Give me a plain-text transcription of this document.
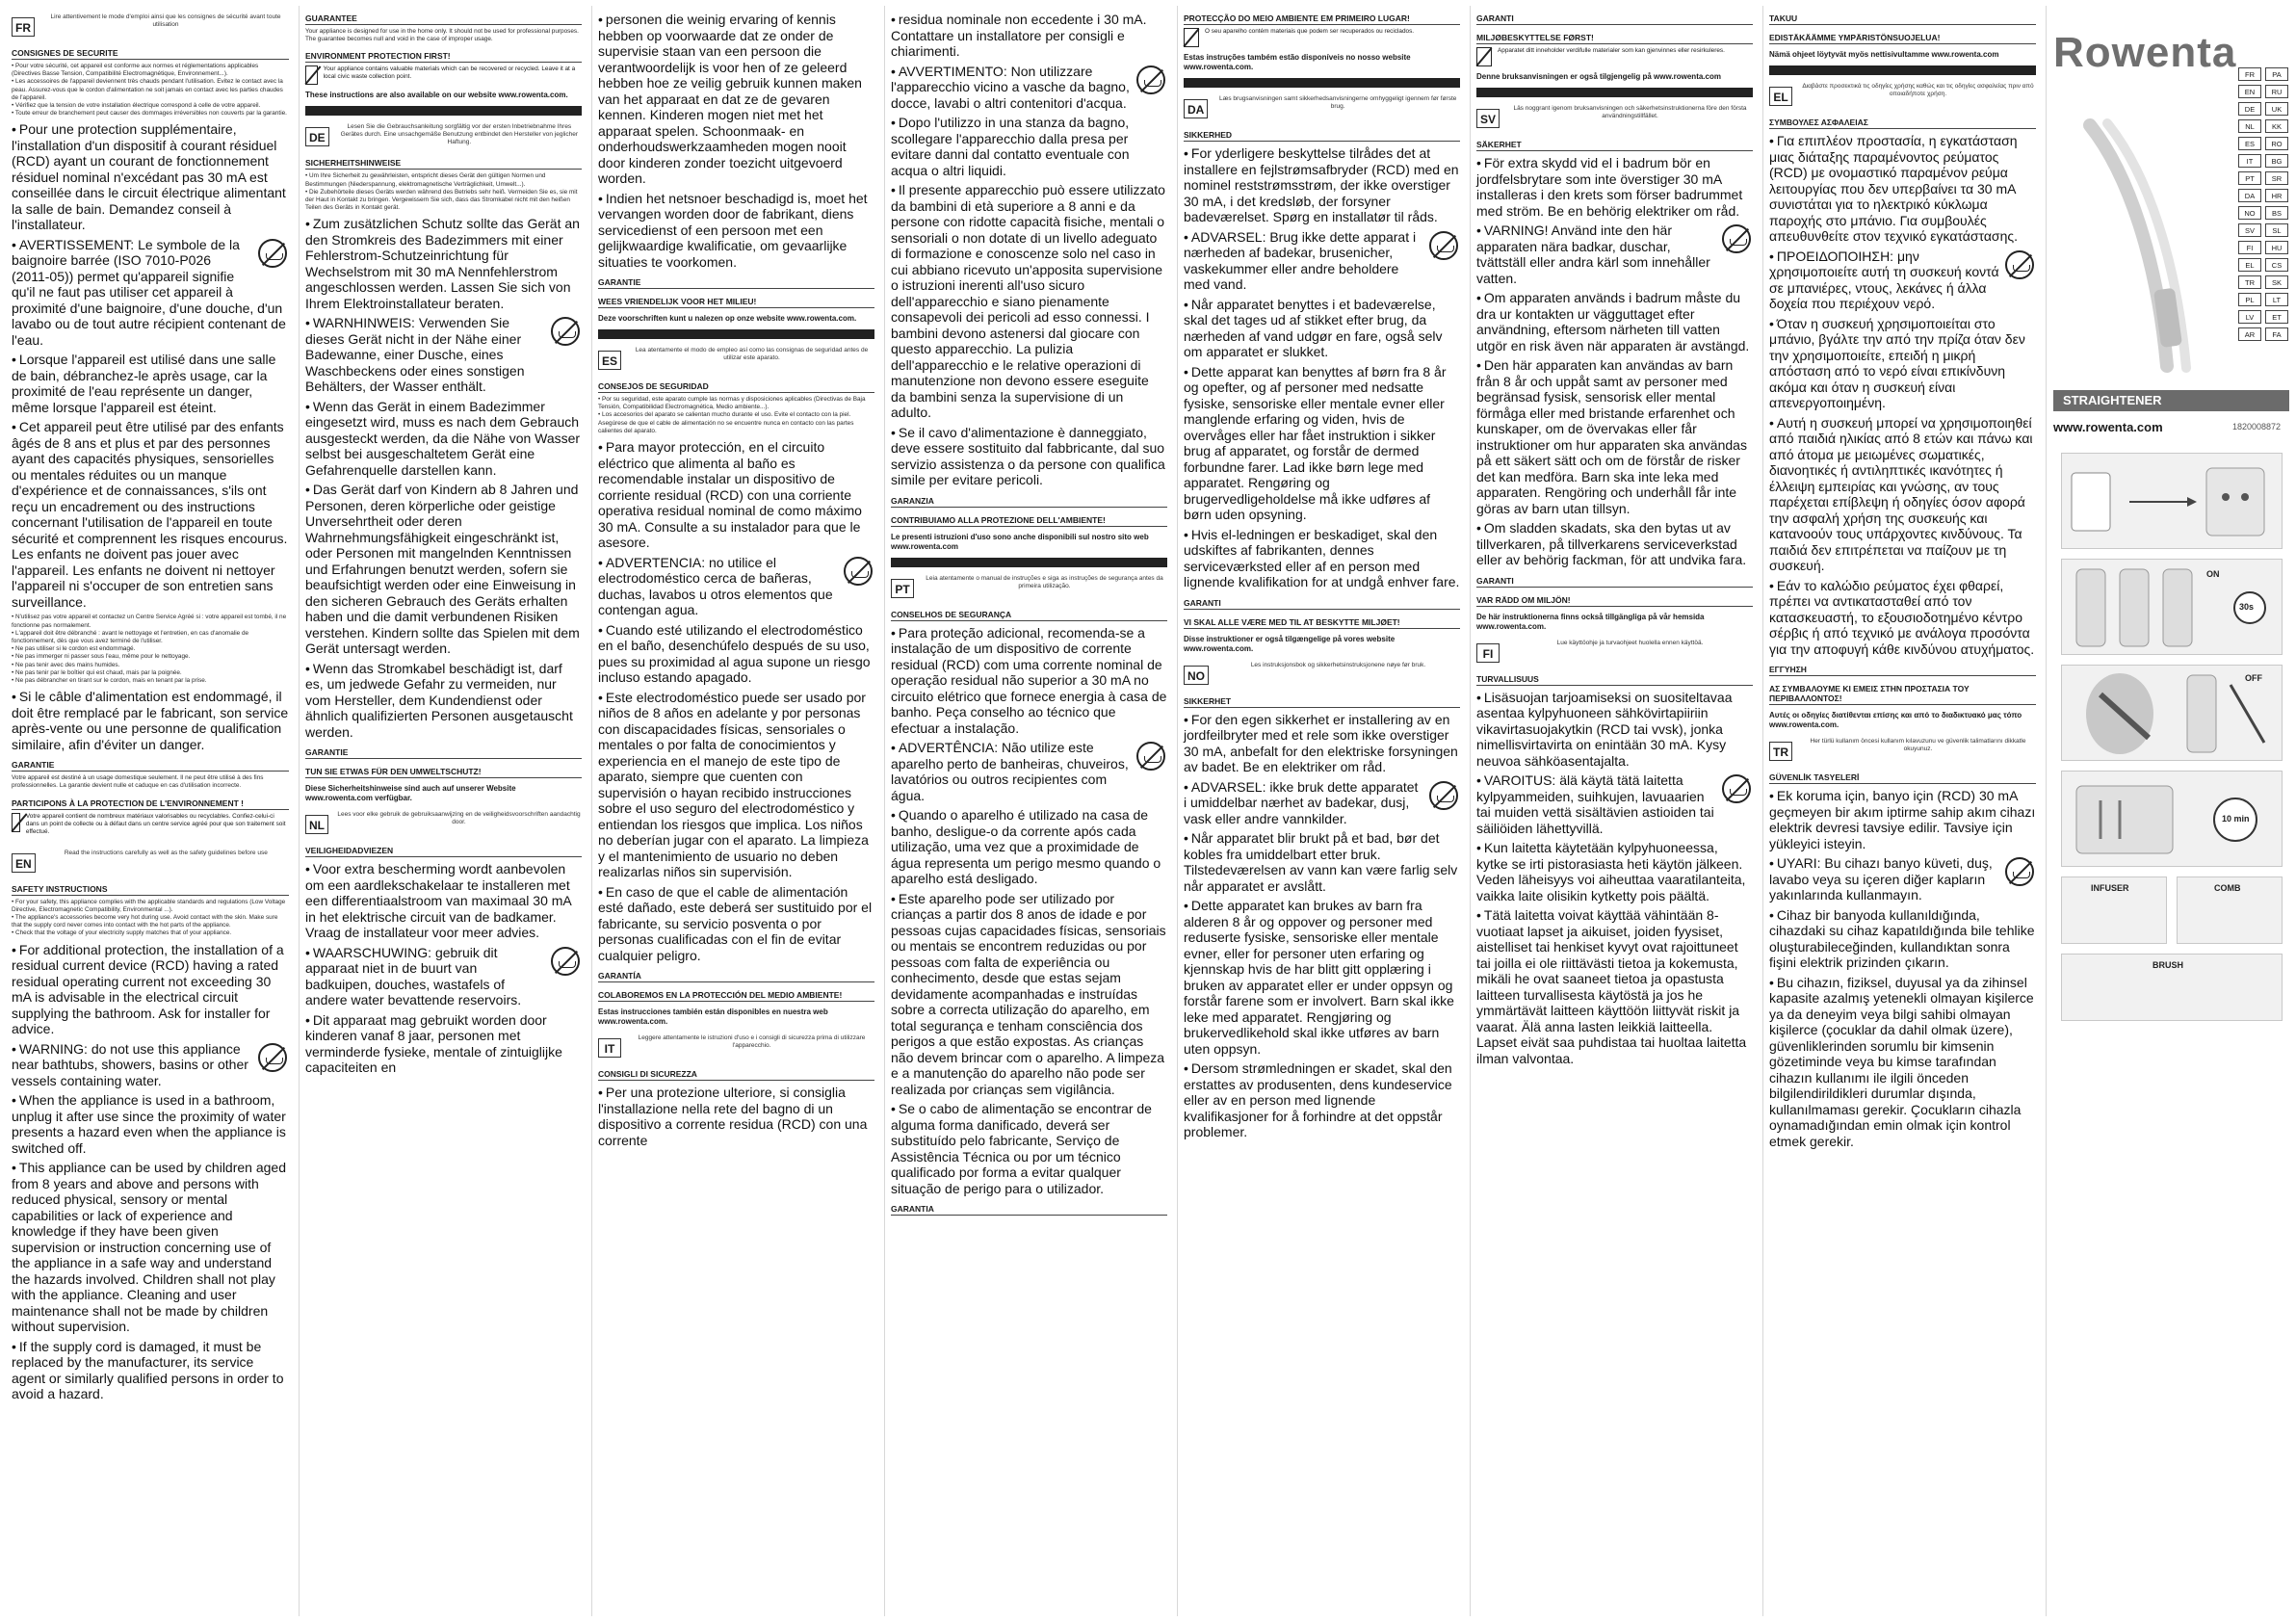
FR

Lire attentivement le mode d'emploi ainsi que les consignes de sécurité avant toute utilisation

CONSIGNES DE SECURITE

• Pour votre sécurité, cet appareil est conforme aux normes et réglementations applicables (Directives Basse Tension, Compatibilité Electromagnétique, Environnement...).
• Les accessoires de l'appareil deviennent très chauds pendant l'utilisation. Evitez le contact avec la peau. Assurez-vous que le cordon d'alimentation ne soit jamais en contact avec les parties chaudes de l'appareil.
• Vérifiez que la tension de votre installation électrique correspond à celle de votre appareil.
• Toute erreur de branchement peut causer des dommages irréversibles non couverts par la garantie.

• Pour une protection supplémentaire, l'installation d'un dispositif à courant résiduel (RCD) ayant un courant de fonctionnement résiduel nominal n'excédant pas 30 mA est conseillée dans le circuit électrique alimentant la salle de bain. Demandez conseil à l'installateur.

• AVERTISSEMENT: Le symbole de la baignoire barrée (ISO 7010-P026 (2011-05)) permet qu'appareil signifie qu'il ne faut pas utiliser cet appareil à proximité d'une baignoire, d'une douche, d'un lavabo ou de tout autre récipient contenant de l'eau.

• Lorsque l'appareil est utilisé dans une salle de bain, débranchez-le après usage, car la proximité de l'eau représente un danger, même lorsque l'appareil est éteint.

• Cet appareil peut être utilisé par des enfants âgés de 8 ans et plus et par des personnes ayant des capacités physiques, sensorielles ou mentales réduites ou un manque d'expérience et de connaissances, s'ils ont reçu un encadrement ou des instructions concernant l'utilisation de l'appareil en toute sécurité et comprennent les risques encourus. Les enfants ne doivent pas jouer avec l'appareil. Les enfants ne doivent ni nettoyer l'appareil ni s'occuper de son entretien sans surveillance.

• N'utilisez pas votre appareil et contactez un Centre Service Agréé si : votre appareil est tombé, il ne fonctionne pas normalement.
• L'appareil doit être débranché : avant le nettoyage et l'entretien, en cas d'anomalie de fonctionnement, dès que vous avez terminé de l'utiliser.
• Ne pas utiliser si le cordon est endommagé.
• Ne pas immerger ni passer sous l'eau, même pour le nettoyage.
• Ne pas tenir avec des mains humides.
• Ne pas tenir par le boîtier qui est chaud, mais par la poignée.
• Ne pas débrancher en tirant sur le cordon, mais en tenant par la prise.

• Si le câble d'alimentation est endommagé, il doit être remplacé par le fabricant, son service après-vente ou une personne de qualification similaire, afin d'éviter un danger.

GARANTIE

Votre appareil est destiné à un usage domestique seulement. Il ne peut être utilisé à des fins professionnelles. La garantie devient nulle et caduque en cas d'utilisation incorrecte.

PARTICIPONS À LA PROTECTION DE L'ENVIRONNEMENT !
Votre appareil contient de nombreux matériaux valorisables ou recyclables. Confiez-celui-ci dans un point de collecte ou à défaut dans un centre service agréé pour que son traitement soit effectué.
EN

Read the instructions carefully as well as the safety guidelines before use

SAFETY INSTRUCTIONS

• For your safety, this appliance complies with the applicable standards and regulations (Low Voltage Directive, Electromagnetic Compatibility, Environmental ...).
• The appliance's accessories become very hot during use. Avoid contact with the skin. Make sure that the supply cord never comes into contact with the hot parts of the appliance.
• Check that the voltage of your electricity supply matches that of your appliance.

• For additional protection, the installation of a residual current device (RCD) having a rated residual operating current not exceeding 30 mA is advisable in the electrical circuit supplying the bathroom. Ask for installer for advice.

• WARNING: do not use this appliance near bathtubs, showers, basins or other vessels containing water.

• When the appliance is used in a bathroom, unplug it after use since the proximity of water presents a hazard even when the appliance is switched off.

• This appliance can be used by children aged from 8 years and above and persons with reduced physical, sensory or mental capabilities or lack of experience and knowledge if they have been given supervision or instruction concerning use of the appliance in a safe way and understand the hazards involved. Children shall not play with the appliance. Cleaning and user maintenance shall not be made by children without supervision.

• If the supply cord is damaged, it must be replaced by the manufacturer, its service agent or similarly qualified persons in order to avoid a hazard.

GUARANTEE

Your appliance is designed for use in the home only. It should not be used for professional purposes. The guarantee becomes null and void in the case of improper usage.

ENVIRONMENT PROTECTION FIRST!
Your appliance contains valuable materials which can be recovered or recycled. Leave it at a local civic waste collection point.

These instructions are also available on our website www.rowenta.com.

DE

Lesen Sie die Gebrauchsanleitung sorgfältig vor der ersten Inbetriebnahme Ihres Gerätes durch. Eine unsachgemäße Benutzung entbindet den Hersteller von jeglicher Haftung.

SICHERHEITSHINWEISE

• Um Ihre Sicherheit zu gewährleisten, entspricht dieses Gerät den gültigen Normen und Bestimmungen (Niederspannung, elektromagnetische Verträglichkeit, Umwelt...).
• Die Zubehörteile dieses Geräts werden während des Betriebs sehr heiß. Vermeiden Sie es, sie mit der Haut in Kontakt zu bringen. Vergewissern Sie sich, dass das Stromkabel nicht mit den heißen Teilen des Geräts in Kontakt gerät.

• Zum zusätzlichen Schutz sollte das Gerät an den Stromkreis des Badezimmers mit einer Fehlerstrom-Schutzeinrichtung für Wechselstrom mit 30 mA Nennfehlerstrom angeschlossen werden. Lassen Sie sich von Ihrem Elektroinstallateur beraten.

• WARNHINWEIS: Verwenden Sie dieses Gerät nicht in der Nähe einer Badewanne, einer Dusche, eines Waschbeckens oder eines sonstigen Behälters, der Wasser enthält.

• Wenn das Gerät in einem Badezimmer eingesetzt wird, muss es nach dem Gebrauch ausgesteckt werden, da die Nähe von Wasser selbst bei ausgeschaltetem Gerät eine Gefahrenquelle darstellen kann.

• Das Gerät darf von Kindern ab 8 Jahren und Personen, deren körperliche oder geistige Unversehrtheit oder deren Wahrnehmungsfähigkeit eingeschränkt ist, oder Personen mit mangelnden Kenntnissen und Erfahrungen benutzt werden, sofern sie beaufsichtigt werden oder eine Einweisung in den sicheren Gebrauch des Geräts erhalten haben und die damit verbundenen Risiken verstehen. Kindern sollte das Spielen mit dem Gerät untersagt werden.

• Wenn das Stromkabel beschädigt ist, darf es, um jedwede Gefahr zu vermeiden, nur vom Hersteller, dem Kundendienst oder ähnlich qualifizierten Personen ausgetauscht werden.

GARANTIE
TUN SIE ETWAS FÜR DEN UMWELTSCHUTZ!

Diese Sicherheitshinweise sind auch auf unserer Website www.rowenta.com verfügbar.

NL

Lees voor elke gebruik de gebruiksaanwijzing en de veiligheidsvoorschriften aandachtig door.

VEILIGHEIDADVIEZEN

• Voor extra bescherming wordt aanbevolen om een aardlekschakelaar te installeren met een differentiaalstroom van maximaal 30 mA in het elektrische circuit van de badkamer. Vraag de installateur voor meer advies.

• WAARSCHUWING: gebruik dit apparaat niet in de buurt van badkuipen, douches, wastafels of andere water bevattende reservoirs.

• Dit apparaat mag gebruikt worden door kinderen vanaf 8 jaar, personen met verminderde fysieke, mentale of zintuiglijke capaciteiten en

• personen die weinig ervaring of kennis hebben op voorwaarde dat ze onder de supervisie staan van een persoon die verantwoordelijk is voor hen of ze geleerd hebben hoe ze veilig gebruik kunnen maken van het apparaat en dat ze de gevaren kennen. Kinderen mogen niet met het apparaat spelen. Schoonmaak- en onderhoudswerkzaamheden mogen nooit door kinderen zonder toezicht uitgevoerd worden.

• Indien het netsnoer beschadigd is, moet het vervangen worden door de fabrikant, diens servicedienst of een persoon met een gelijkwaardige kwalificatie, om gevaarlijke situaties te voorkomen.

GARANTIE
WEES VRIENDELIJK VOOR HET MILIEU!

Deze voorschriften kunt u nalezen op onze website www.rowenta.com.

ES

Lea atentamente el modo de empleo así como las consignas de seguridad antes de utilizar este aparato.

CONSEJOS DE SEGURIDAD

• Por su seguridad, este aparato cumple las normas y disposiciones aplicables (Directivas de Baja Tensión, Compatibilidad Electromagnética, Medio ambiente...).
• Los accesorios del aparato se calientan mucho durante el uso. Evite el contacto con la piel. Asegúrese de que el cable de alimentación no se encuentre nunca en contacto con las partes calientes del aparato.

• Para mayor protección, en el circuito eléctrico que alimenta al baño es recomendable instalar un dispositivo de corriente residual (RCD) con una corriente operativa residual nominal de como máximo 30 mA. Consulte a su instalador para que le asesore.

• ADVERTENCIA: no utilice el electrodoméstico cerca de bañeras, duchas, lavabos u otros elementos que contengan agua.

• Cuando esté utilizando el electrodoméstico en el baño, desenchúfelo después de su uso, pues su proximidad al agua supone un riesgo incluso estando apagado.

• Este electrodoméstico puede ser usado por niños de 8 años en adelante y por personas con discapacidades físicas, sensoriales o mentales o por falta de conocimientos y experiencia en el manejo de este tipo de aparato, siempre que cuenten con supervisión o hayan recibido instrucciones sobre el uso seguro del electrodoméstico y entiendan los riesgos que implica. Los niños no deberían jugar con el aparato. La limpieza y el mantenimiento de usuario no deben realizarlas niños sin supervisión.

• En caso de que el cable de alimentación esté dañado, este deberá ser sustituido por el fabricante, su servicio posventa o por personas cualificadas con el fin de evitar cualquier peligro.

GARANTÍA
COLABOREMOS EN LA PROTECCIÓN DEL MEDIO AMBIENTE!

Estas instrucciones también están disponibles en nuestra web www.rowenta.com.

IT

Leggere attentamente le istruzioni d'uso e i consigli di sicurezza prima di utilizzare l'apparecchio.

CONSIGLI DI SICUREZZA

• Per una protezione ulteriore, si consiglia l'installazione nella rete del bagno di un dispositivo a corrente residua (RCD) con una corrente

• residua nominale non eccedente i 30 mA. Contattare un installatore per consigli e chiarimenti.

• AVVERTIMENTO: Non utilizzare l'apparecchio vicino a vasche da bagno, docce, lavabi o altri contenitori d'acqua.

• Dopo l'utilizzo in una stanza da bagno, scollegare l'apparecchio dalla presa per evitare danni dal contatto eventuale con acqua o altri liquidi.

• Il presente apparecchio può essere utilizzato da bambini di età superiore a 8 anni e da persone con ridotte capacità fisiche, mentali o sensoriali o non dotate di un livello adeguato di formazione e conoscenze solo nel caso in cui abbiano ricevuto un'apposita supervisione o istruzioni inerenti all'uso sicuro dell'apparecchio e siano pienamente consapevoli dei pericoli ad esso connessi. I bambini devono astenersi dal giocare con questo apparecchio. La pulizia dell'apparecchio e le relative operazioni di manutenzione non devono essere eseguite da bambini senza la supervisione di un adulto.

• Se il cavo d'alimentazione è danneggiato, deve essere sostituito dal fabbricante, dal suo servizio assistenza o da persone con qualifica simile per evitare pericoli.

GARANZIA
CONTRIBUIAMO ALLA PROTEZIONE DELL'AMBIENTE!

Le presenti istruzioni d'uso sono anche disponibili sul nostro sito web www.rowenta.com

PT

Leia atentamente o manual de instruções e siga as instruções de segurança antes da primeira utilização.

CONSELHOS DE SEGURANÇA

• Para proteção adicional, recomenda-se a instalação de um dispositivo de corrente residual (RCD) com uma corrente nominal de operação residual não superior a 30 mA no circuito elétrico que fornece energia à casa de banho. Peça conselho ao técnico que efectuar a instalação.

• ADVERTÊNCIA: Não utilize este aparelho perto de banheiras, chuveiros, lavatórios ou outros recipientes com água.

• Quando o aparelho é utilizado na casa de banho, desligue-o da corrente após cada utilização, uma vez que a proximidade de água representa um perigo mesmo quando o aparelho está desligado.

• Este aparelho pode ser utilizado por crianças a partir dos 8 anos de idade e por pessoas cujas capacidades físicas, sensoriais ou mentais se encontrem reduzidas ou por pessoas com falta de experiência ou conhecimento, desde que estas sejam devidamente acompanhadas e instruídas sobre a correcta utilização do aparelho, em total segurança e tenham consciência dos perigos a que estão expostas. As crianças não devem brincar com o aparelho. A limpeza e a manutenção do aparelho não pode ser realizada por crianças sem vigilância.

• Se o cabo de alimentação se encontrar de alguma forma danificado, deverá ser substituído pelo fabricante, Serviço de Assistência Técnica ou por um técnico qualificado por forma a evitar qualquer situação de perigo para o utilizador.

GARANTIA
PROTECÇÃO DO MEIO AMBIENTE EM PRIMEIRO LUGAR!
O seu aparelho contém materiais que podem ser recuperados ou reciclados.

Estas instruções também estão disponíveis no nosso website www.rowenta.com.

DA

Læs brugsanvisningen samt sikkerhedsanvisningerne omhyggeligt igennem før første brug.

SIKKERHED

• For yderligere beskyttelse tilrådes det at installere en fejlstrømsafbryder (RCD) med en nominel reststrømsstrøm, der ikke overstiger 30 mA, i det kredsløb, der forsyner badeværelset. Spørg en installatør til råds.

• ADVARSEL: Brug ikke dette apparat i nærheden af badekar, brusenicher, vaskekummer eller andre beholdere med vand.

• Når apparatet benyttes i et badeværelse, skal det tages ud af stikket efter brug, da nærheden af vand udgør en fare, også selv om apparatet er slukket.

• Dette apparat kan benyttes af børn fra 8 år og opefter, og af personer med nedsatte fysiske, sensoriske eller mentale evner eller manglende erfaring og viden, hvis de overvåges eller har fået instruktion i sikker brug af apparatet, og forstår de dermed forbundne farer. Lad ikke børn lege med apparatet. Rengøring og brugervedligeholdelse må ikke udføres af børn uden opsyning.

• Hvis el-ledningen er beskadiget, skal den udskiftes af fabrikanten, dennes serviceværksted eller af en person med lignende kvalifikation for at undgå enhver fare.

GARANTI
VI SKAL ALLE VÆRE MED TIL AT BESKYTTE MILJØET!

Disse instruktioner er også tilgængelige på vores website www.rowenta.com.

NO

Les instruksjonsbok og sikkerhetsinstruksjonene nøye før bruk.

SIKKERHET

• For den egen sikkerhet er installering av en jordfeilbryter med et rele som ikke overstiger 30 mA, anbefalt for den elektriske forsyningen av badet. Be en elektriker om råd.

• ADVARSEL: ikke bruk dette apparatet i umiddelbar nærhet av badekar, dusj, vask eller andre vannkilder.

• Når apparatet blir brukt på et bad, bør det kobles fra umiddelbart etter bruk. Tilstedeværelsen av vann kan være farlig selv når apparatet er avslått.

• Dette apparatet kan brukes av barn fra alderen 8 år og oppover og personer med reduserte fysiske, sensoriske eller mentale evner, eller for personer uten erfaring og kjennskap hvis de har blitt gitt opplæring i bruken av apparatet eller er under oppsyn og forstår farene som er involvert. Barn skal ikke leke med apparatet. Rengjøring og brukervedlikehold skal ikke utføres av barn uten oppsyn.

• Dersom strømledningen er skadet, skal den erstattes av produsenten, dens kundeservice eller av en person med lignende kvalifikasjoner for å forhindre at det oppstår problemer.

GARANTI
MILJØBESKYTTELSE FØRST!
Apparatet ditt inneholder verdifulle materialer som kan gjenvinnes eller resirkuleres.

Denne bruksanvisningen er også tilgjengelig på www.rowenta.com

SV

Läs noggrant igenom bruksanvisningen och säkerhetsinstruktionerna före den första användningstillfället.

SÄKERHET

• För extra skydd vid el i badrum bör en jordfelsbrytare som inte överstiger 30 mA installeras i den krets som förser badrummet med ström. Be en behörig elektriker om råd.

• VARNING! Använd inte den här apparaten nära badkar, duschar, tvättställ eller andra kärl som innehåller vatten.

• Om apparaten används i badrum måste du dra ur kontakten ur vägguttaget efter användning, eftersom närheten till vatten utgör en risk även när apparaten är avstängd.

• Den här apparaten kan användas av barn från 8 år och uppåt samt av personer med begränsad fysisk, sensorisk eller mental förmåga eller med bristande erfarenhet och kunskaper, om de övervakas eller får instruktioner om hur apparaten ska användas på ett säkert sätt och om de förstår de risker det kan medföra. Barn ska inte leka med apparaten. Rengöring och underhåll får inte göras av barn utan tillsyn.

• Om sladden skadats, ska den bytas ut av tillverkaren, på tillverkarens serviceverkstad eller av behörig fackman, för att undvika fara.

GARANTI
VAR RÄDD OM MILJÖN!

De här instruktionerna finns också tillgängliga på vår hemsida www.rowenta.com.

FI

Lue käyttöohje ja turvaohjeet huolella ennen käyttöä.

TURVALLISUUS

• Lisäsuojan tarjoamiseksi on suositeltavaa asentaa kylpyhuoneen sähkövirtapiiriin vikavirtasuojakytkin (RCD tai vvsk), jonka nimellisvirtavirta on enintään 30 mA. Kysy neuvoa sähköasentajalta.

• VAROITUS: älä käytä tätä laitetta kylpyammeiden, suihkujen, lavuaarien tai muiden vettä sisältävien astioiden tai säiliöiden lähettyvillä.

• Kun laitetta käytetään kylpyhuoneessa, kytke se irti pistorasiasta heti käytön jälkeen. Veden läheisyys voi aiheuttaa vaaratilanteita, vaikka laite olisikin kytketty pois päältä.

• Tätä laitetta voivat käyttää vähintään 8-vuotiaat lapset ja aikuiset, joiden fyysiset, aistelliset tai henkiset kyvyt ovat rajoittuneet tai joilla ei ole riittävästi tietoa ja kokemusta, mikäli he ovat saaneet tietoa ja opastusta laitteen turvallisesta käytöstä ja jos he ymmärtävät laitteen käyttöön liittyvät riskit ja vaarat. Älä anna lasten leikkiä laitteella. Lapset eivät saa puhdistaa tai huoltaa laitetta ilman valvontaa.

TAKUU
EDISTÄKÄÄMME YMPÄRISTÖNSUOJELUA!

Nämä ohjeet löytyvät myös nettisivultamme www.rowenta.com

EL

Διαβάστε προσεκτικά τις οδηγίες χρήσης καθώς και τις οδηγίες ασφαλείας πριν από οποιαδήποτε χρήση.

ΣΥΜΒΟΥΛΕΣ ΑΣΦΑΛΕΙΑΣ

• Για επιπλέον προστασία, η εγκατάσταση μιας διάταξης παραμένοντος ρεύματος (RCD) με ονομαστικό παραμένον ρεύμα λειτουργίας που δεν υπερβαίνει τα 30 mA συνιστάται για το ηλεκτρικό κύκλωμα παροχής στο μπάνιο. Για συμβουλές απευθυνθείτε στον τεχνικό εγκατάστασης.

• ΠΡΟΕΙΔΟΠΟΙΗΣΗ: μην χρησιμοποιείτε αυτή τη συσκευή κοντά σε μπανιέρες, ντους, λεκάνες ή άλλα δοχεία που περιέχουν νερό.

• Όταν η συσκευή χρησιμοποιείται στο μπάνιο, βγάλτε την από την πρίζα όταν δεν την χρησιμοποιείτε, επειδή η μικρή απόσταση από το νερό είναι επικίνδυνη ακόμα και όταν η συσκευή είναι απενεργοποιημένη.

• Αυτή η συσκευή μπορεί να χρησιμοποιηθεί από παιδιά ηλικίας από 8 ετών και πάνω και από άτομα με μειωμένες σωματικές, διανοητικές ή αντιληπτικές ικανότητες ή έλλειψη εμπειρίας και γνώσης, αν τους παρέχεται επίβλεψη ή οδηγίες όσον αφορά την ασφαλή χρήση της συσκευής και κατανοούν τους υπάρχοντες κινδύνους. Τα παιδιά δεν επιτρέπεται να παίζουν με τη συσκευή.

• Εάν το καλώδιο ρεύματος έχει φθαρεί, πρέπει να αντικατασταθεί από τον κατασκευαστή, το εξουσιοδοτημένο κέντρο σέρβις ή από τεχνικό με ανάλογα προσόντα για την αποφυγή κάθε κινδύνου ατυχήματος.

ΕΓΓΥΗΣΗ
ΑΣ ΣΥΜΒΑΛΟΥΜΕ ΚΙ ΕΜΕΙΣ ΣΤΗΝ ΠΡΟΣΤΑΣΙΑ ΤΟΥ ΠΕΡΙΒΑΛΛΟΝΤΟΣ!

Αυτές οι οδηγίες διατίθενται επίσης και από το διαδικτυακό μας τόπο www.rowenta.com.

TR

Her türlü kullanım öncesi kullanım kılavuzunu ve güvenlik talimatlarını dikkatle okuyunuz.

GÜVENLİK TASYELERİ

• Ek koruma için, banyo için (RCD) 30 mA geçmeyen bir akım iptirme sahip akım cihazı elektrik devresi tavsiye edilir. Tavsiye için yükleyici isteyin.

• UYARI: Bu cihazı banyo küveti, duş, lavabo veya su içeren diğer kapların yakınlarında kullanmayın.

• Cihaz bir banyoda kullanıldığında, cihazdaki su cihaz kapatıldığında bile tehlike oluşturabileceğinden, kullandıktan sonra fişini elektrik prizinden çıkarın.

• Bu cihazın, fiziksel, duyusal ya da zihinsel kapasite azalmış yetenekli olmayan kişilerce ya da deneyim veya bilgi sahibi olmayan kişilerce (çocuklar da dahil olmak üzere), güvenliklerinden sorumlu bir kimsenin gözetiminde veya bu kimse tarafından cihazın kullanımı ile ilgili önceden bilgilendirildikleri durumlar dışında, kullanılmaması gerekir. Çocukların cihazla oynamadığından emin olmak için kontrol etmek gerekir.

Rowenta	FR	PA
EN	RU
DE	UK
NL	KK
ES	RO
IT	BG
PT	SR
DA	HR
NO	BS
SV	SL
FI	HU
EL	CS
TR	SK
PL	LT
LV	ET
AR	FA
STRAIGHTENER
www.rowenta.com	1820008872
ON
30s
OFF
10 min
INFUSER	COMB
BRUSH
